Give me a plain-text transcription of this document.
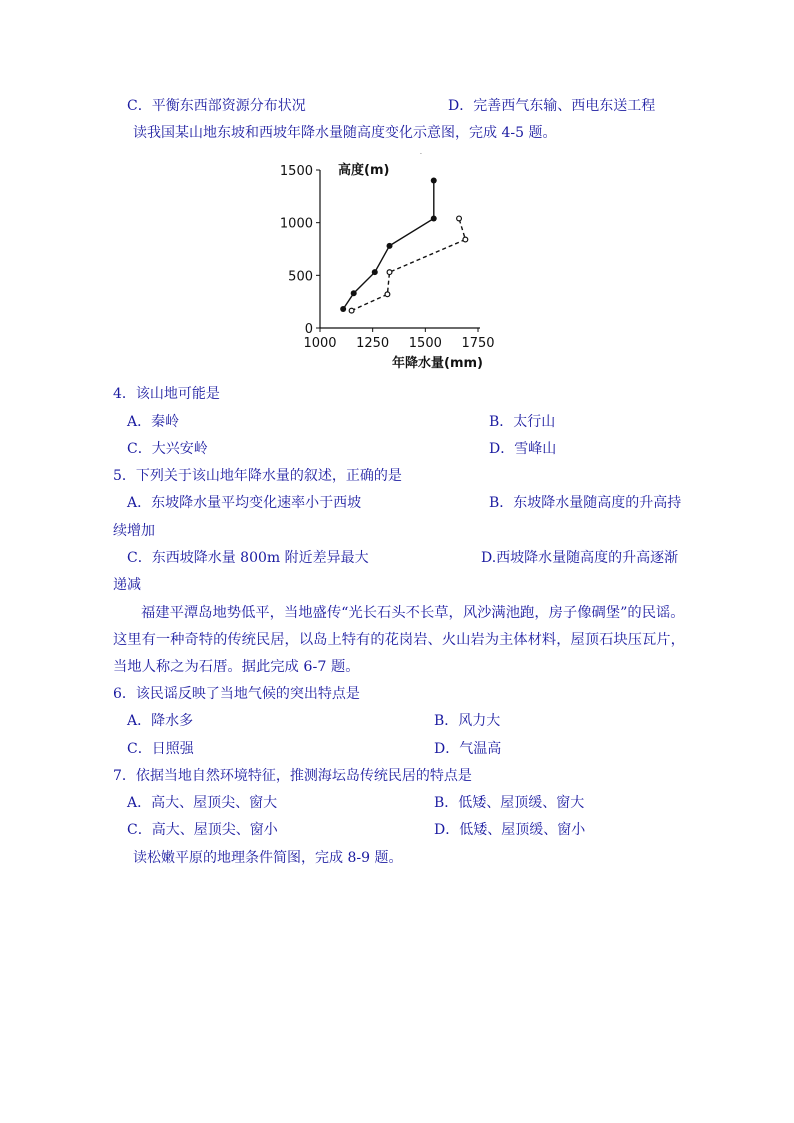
C．平衡东西部资源分布状况	D．完善西气东输、西电东送工程
读我国某山地东坡和西坡年降水量随高度变化示意图，完成 4-5 题。
0
500
1000
1500
1000 1250 1500 1750
高度(m)
年降水量(mm)
·
4．该山地可能是
A．秦岭	B．太行山
C．大兴安岭	D．雪峰山
5．下列关于该山地年降水量的叙述，正确的是
A．东坡降水量平均变化速率小于西坡	B．东坡降水量随高度的升高持
续增加
C．东西坡降水量 800m 附近差异最大	D.西坡降水量随高度的升高逐渐
递减
福建平潭岛地势低平，当地盛传“光长石头不长草，风沙满池跑，房子像碉堡”的民谣。
这里有一种奇特的传统民居，以岛上特有的花岗岩、火山岩为主体材料，屋顶石块压瓦片，
当地人称之为石厝。据此完成 6-7 题。
6．该民谣反映了当地气候的突出特点是
A．降水多	B．风力大
C．日照强	D．气温高
7．依据当地自然环境特征，推测海坛岛传统民居的特点是
A．高大、屋顶尖、窗大	B．低矮、屋顶缓、窗大
C．高大、屋顶尖、窗小	D．低矮、屋顶缓、窗小
读松嫩平原的地理条件简图，完成 8-9 题。
